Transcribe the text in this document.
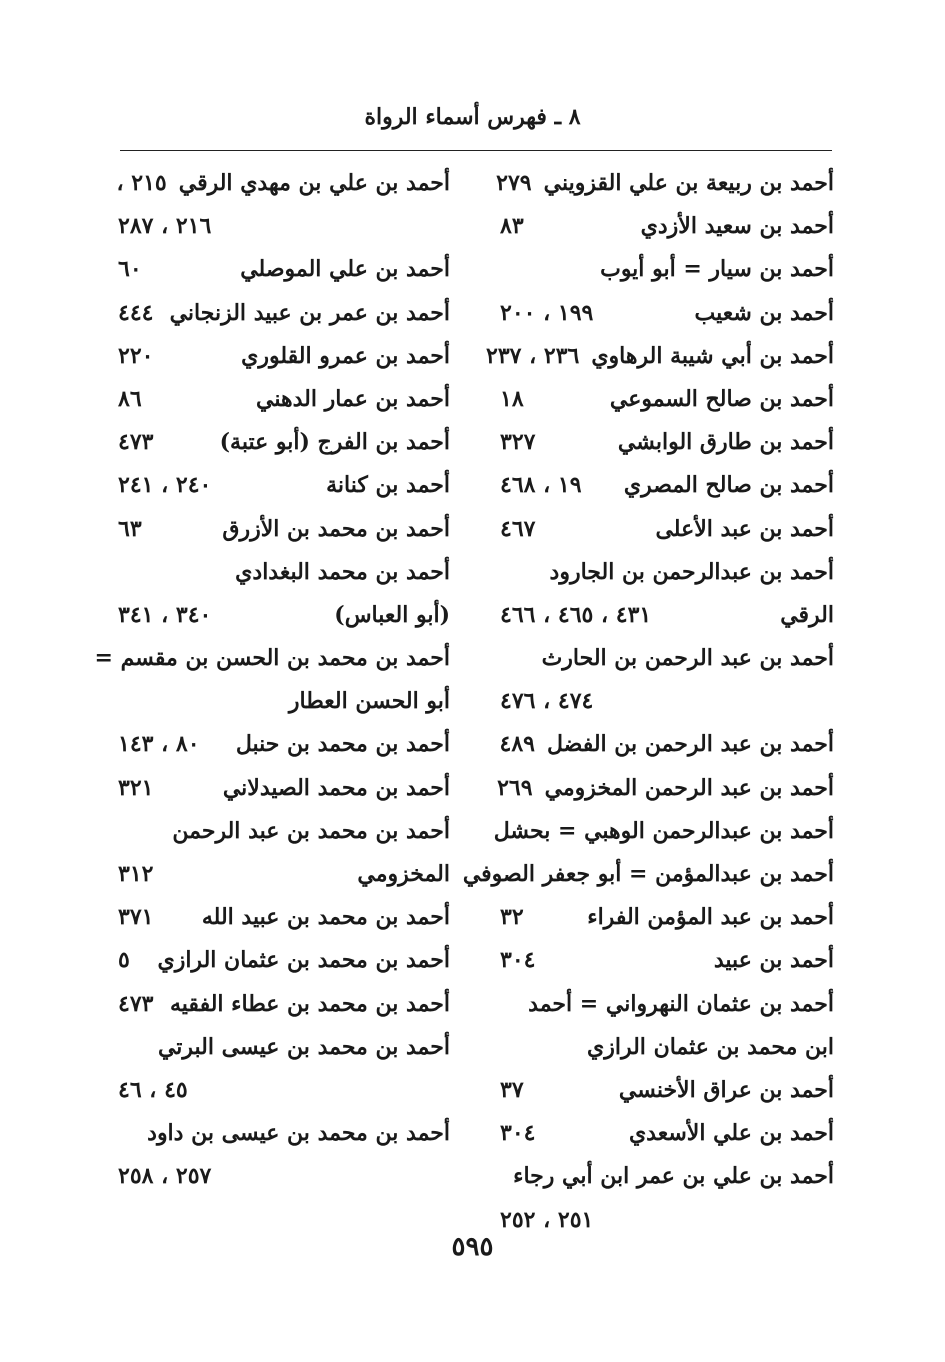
٨ ـ فهرس أسماء الرواة
أحمد بن ربيعة بن علي القزويني
٢٧٩
أحمد بن سعيد الأزدي
٨٣
أحمد بن سيار = أبو أيوب
أحمد بن شعيب
١٩٩ ، ٢٠٠
أحمد بن أبي شيبة الرهاوي
٢٣٦ ، ٢٣٧
أحمد بن صالح السموعي
١٨
أحمد بن طارق الوابشي
٣٢٧
أحمد بن صالح المصري
١٩ ، ٤٦٨
أحمد بن عبد الأعلى
٤٦٧
أحمد بن عبدالرحمن بن الجارود
الرقي
٤٣١ ، ٤٦٥ ، ٤٦٦
أحمد بن عبد الرحمن بن الحارث
٤٧٤ ، ٤٧٦
أحمد بن عبد الرحمن بن الفضل
٤٨٩
أحمد بن عبد الرحمن المخزومي
٢٦٩
أحمد بن عبدالرحمن الوهبي = بحشل
أحمد بن عبدالمؤمن = أبو جعفر الصوفي
أحمد بن عبد المؤمن الفراء
٣٢
أحمد بن عبيد
٣٠٤
أحمد بن عثمان النهرواني = أحمد
ابن محمد بن عثمان الرازي
أحمد بن عراق الأخنسي
٣٧
أحمد بن علي الأسعدي
٣٠٤
أحمد بن علي بن عمر ابن أبي رجاء
٢٥١ ، ٢٥٢
أحمد بن علي بن مهدي الرقي
٢١٥ ،
٢١٦ ، ٢٨٧
أحمد بن علي الموصلي
٦٠
أحمد بن عمر بن عبيد الزنجاني
٤٤٤
أحمد بن عمرو القلوري
٢٢٠
أحمد بن عمار الدهني
٨٦
أحمد بن الفرج (أبو عتبة)
٤٧٣
أحمد بن كنانة
٢٤٠ ، ٢٤١
أحمد بن محمد بن الأزرق
٦٣
أحمد بن محمد البغدادي
(أبو العباس)
٣٤٠ ، ٣٤١
أحمد بن محمد بن الحسن بن مقسم =
أبو الحسن العطار
أحمد بن محمد بن حنبل
٨٠ ، ١٤٣
أحمد بن محمد الصيدلاني
٣٢١
أحمد بن محمد بن عبد الرحمن
المخزومي
٣١٢
أحمد بن محمد بن عبيد الله
٣٧١
أحمد بن محمد بن عثمان الرازي
٥
أحمد بن محمد بن عطاء الفقيه
٤٧٣
أحمد بن محمد بن عيسى البرتي
٤٥ ، ٤٦
أحمد بن محمد بن عيسى بن داود
٢٥٧ ، ٢٥٨
٥٩٥
